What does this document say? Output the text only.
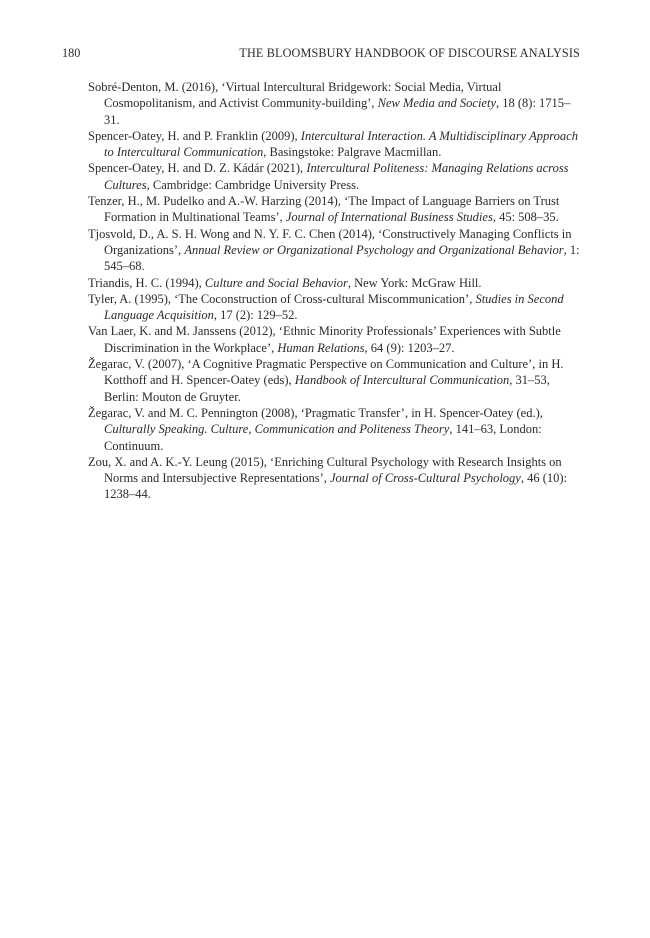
180	THE BLOOMSBURY HANDBOOK OF DISCOURSE ANALYSIS

Sobré-Denton, M. (2016), ‘Virtual Intercultural Bridgework: Social Media, Virtual Cosmopolitanism, and Activist Community-building’, New Media and Society, 18 (8): 1715–31.

Spencer-Oatey, H. and P. Franklin (2009), Intercultural Interaction. A Multidisciplinary Approach to Intercultural Communication, Basingstoke: Palgrave Macmillan.

Spencer-Oatey, H. and D. Z. Kádár (2021), Intercultural Politeness: Managing Relations across Cultures, Cambridge: Cambridge University Press.

Tenzer, H., M. Pudelko and A.-W. Harzing (2014), ‘The Impact of Language Barriers on Trust Formation in Multinational Teams’, Journal of International Business Studies, 45: 508–35.

Tjosvold, D., A. S. H. Wong and N. Y. F. C. Chen (2014), ‘Constructively Managing Conflicts in Organizations’, Annual Review or Organizational Psychology and Organizational Behavior, 1: 545–68.

Triandis, H. C. (1994), Culture and Social Behavior, New York: McGraw Hill.

Tyler, A. (1995), ‘The Coconstruction of Cross-cultural Miscommunication’, Studies in Second Language Acquisition, 17 (2): 129–52.

Van Laer, K. and M. Janssens (2012), ‘Ethnic Minority Professionals’ Experiences with Subtle Discrimination in the Workplace’, Human Relations, 64 (9): 1203–27.

Žegarac, V. (2007), ‘A Cognitive Pragmatic Perspective on Communication and Culture’, in H. Kotthoff and H. Spencer-Oatey (eds), Handbook of Intercultural Communication, 31–53, Berlin: Mouton de Gruyter.

Žegarac, V. and M. C. Pennington (2008), ‘Pragmatic Transfer’, in H. Spencer-Oatey (ed.), Culturally Speaking. Culture, Communication and Politeness Theory, 141–63, London: Continuum.

Zou, X. and A. K.-Y. Leung (2015), ‘Enriching Cultural Psychology with Research Insights on Norms and Intersubjective Representations’, Journal of Cross-Cultural Psychology, 46 (10): 1238–44.
